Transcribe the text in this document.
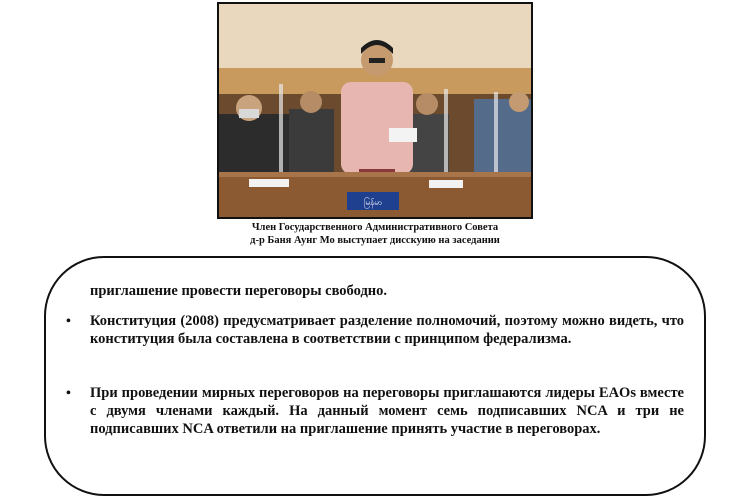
မြန်မာ
Член Государственного Административного Совета
д-р Баня Аунг Мо выступает дисскуию на заседании
приглашение провести переговоры свободно.
• Конституция (2008) предусматривает разделение полномочий, поэтому можно видеть, что конституция была составлена в соответствии с принципом федерализма.
• При проведении мирных переговоров на переговоры приглашаются лидеры EAOs вместе с двумя членами каждый. На данный момент семь подписавших NCA и три не подписавших NCA ответили на приглашение принять участие в переговорах.
